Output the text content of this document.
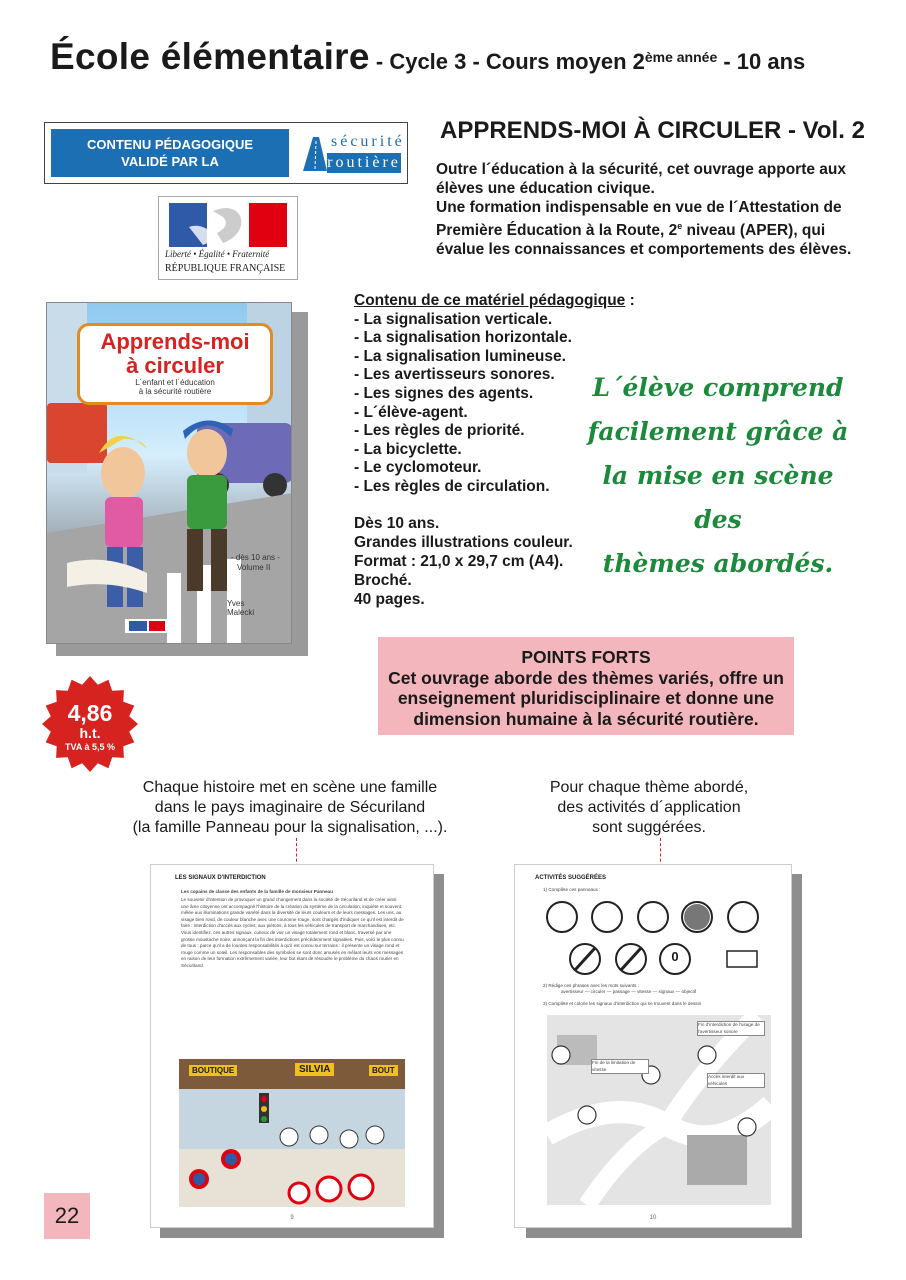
École élémentaire - Cycle 3 - Cours moyen 2ème année - 10 ans
CONTENU PÉDAGOGIQUE
VALIDÉ PAR LA
sécurité
routière
Liberté • Égalité • Fraternité
RÉPUBLIQUE FRANÇAISE
APPRENDS-MOI À CIRCULER - Vol. 2
Outre l´éducation à la sécurité, cet ouvrage apporte aux élèves une éducation civique.
Une formation indispensable en vue de l´Attestation de Première Éducation à la Route, 2e niveau (APER), qui évalue les connaissances et comportements des élèves.
Contenu de ce matériel pédagogique :
- La signalisation verticale.
- La signalisation horizontale.
- La signalisation lumineuse.
- Les avertisseurs sonores.
- Les signes des agents.
- L´élève-agent.
- Les règles de priorité.
- La bicyclette.
- Le cyclomoteur.
- Les règles de circulation.
Dès 10 ans.
Grandes illustrations couleur.
Format : 21,0 x 29,7 cm (A4).
Broché.
40 pages.
L´élève comprend
facilement grâce à
la mise en scène des
thèmes abordés.
Apprends-moi
à circuler
L´enfant et l´éducation
à la sécurité routière
- dès 10 ans -
Volume II
Yves
Malecki
POINTS FORTS
Cet ouvrage aborde des thèmes variés, offre un enseignement pluridisciplinaire et donne une dimension humaine à la sécurité routière.
4,86
h.t.
TVA à 5,5 %
Chaque histoire met en scène une famille
dans le pays imaginaire de Sécuriland
(la famille Panneau pour la signalisation, ...).
Pour chaque thème abordé,
des activités d´application
sont suggérées.
LES SIGNAUX D'INTERDICTION
Les copains de classe des enfants de la famille de monsieur Panneau
Le souvenir d'intention de provoquer un grand changement dans la société de Sécuriland et de créer ainsi une âme citoyenne ont accompagné l'histoire de la création du système de la circulation, inquiète et souvent, mêlée aux illuminations grande variété dans la diversité de leurs couleurs et de leurs messages. Les uns, au visage bien rond, de couleur blanche avec une couronne rouge, sont chargés d'indiquer ce qu'il est interdit de faire : interdiction d'accès aux cycles, aux piétons, à tous les véhicules de transport de marchandises, etc. Vous identifiez, ces autres signaux, curieux de voir un visage totalement rond et blanc, traversé par une grosse moustache noire, annonçant la fin des interdictions précédemment signalées. Puis, voici le plus connu de tous : parce qu'il a de lourdes responsabilités à qu'il est connu sur terrains : il présente un visage rond et rouge comme un soleil. Les responsables des symboles se sont donc amusés en mêlant leurs vos messages en raison de leur formation extrêmement variée, leur but étant de résoudre le problème du chaos routier en Sécuriland.
BOUTIQUE	SILVIA	BOUT
9
ACTIVITÉS SUGGÉRÉES
1) Complète ces panneaux :
0
2) Rédige ces phrases avec les mots suivants :
avertisseur — circuler — passage — vitesse — signaux — objectif
3) Complète et colorie les signaux d'interdiction qui se trouvent dans le dessin
Fin d'interdiction de l'usage de l'avertisseur sonore
Fin de la limitation de vitesse
Accès interdit aux véhicules
10
22
